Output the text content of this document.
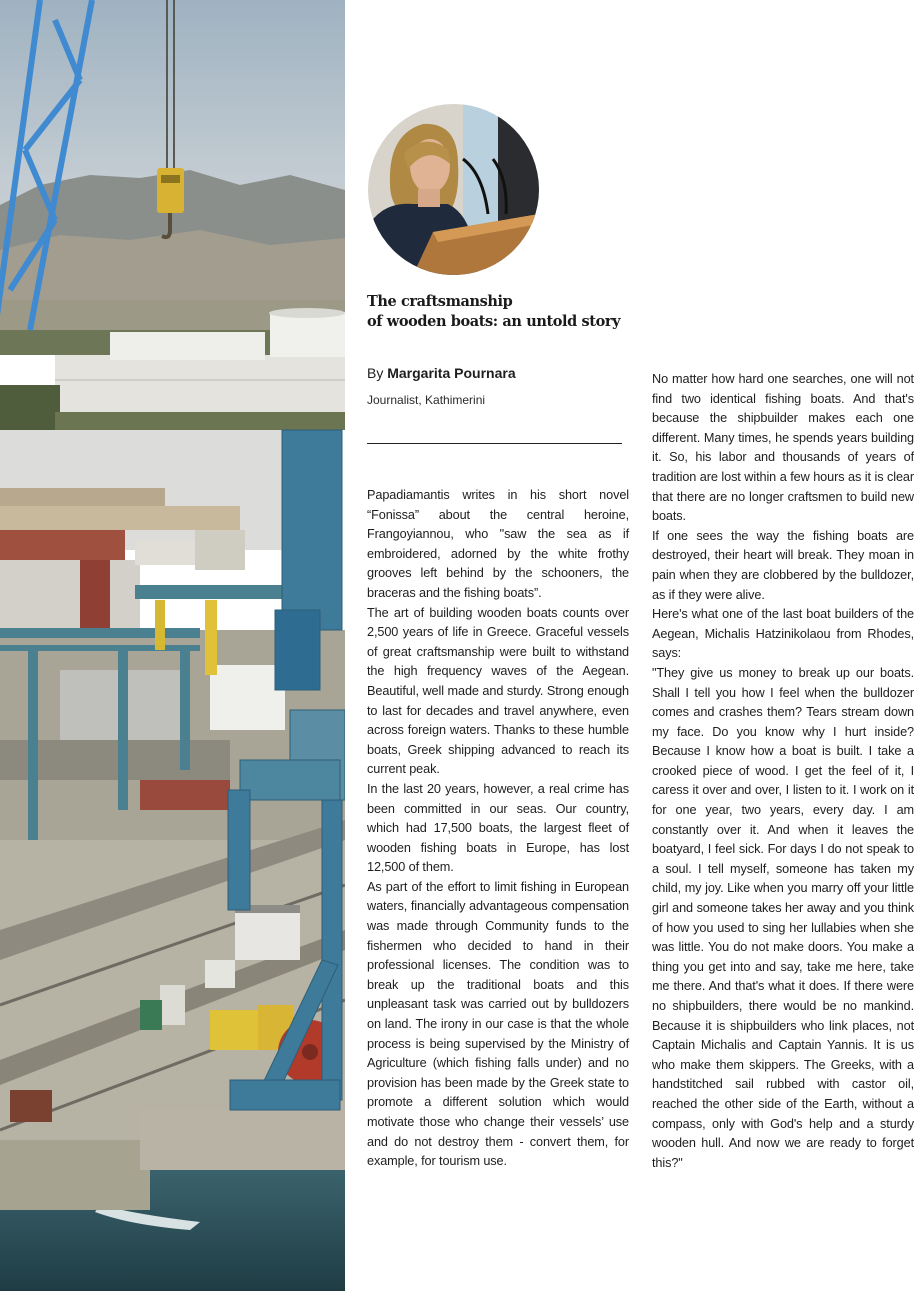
The craftsmanship
of wooden boats: an untold story
By Margarita Pournara
Journalist, Kathimerini

Papadiamantis writes in his short novel “Fonissa” about the central heroine, Frangoyiannou, who "saw the sea as if embroidered, adorned by the white frothy grooves left behind by the schooners, the braceras and the fishing boats”.

The art of building wooden boats counts over 2,500 years of life in Greece. Graceful vessels of great craftsmanship were built to withstand the high frequency waves of the Aegean. Beautiful, well made and sturdy. Strong enough to last for decades and travel anywhere, even across foreign waters. Thanks to these humble boats, Greek shipping advanced to reach its current peak.

In the last 20 years, however, a real crime has been committed in our seas. Our country, which had 17,500 boats, the largest fleet of wooden fishing boats in Europe, has lost 12,500 of them.

As part of the effort to limit fishing in European waters, financially advantageous compensation was made through Community funds to the fishermen who decided to hand in their professional licenses. The condition was to break up the traditional boats and this unpleasant task was carried out by bulldozers on land. The irony in our case is that the whole process is being supervised by the Ministry of Agriculture (which fishing falls under) and no provision has been made by the Greek state to promote a different solution which would motivate those who change their vessels’ use and do not destroy them - convert them, for example, for tourism use.

No matter how hard one searches, one will not find two identical fishing boats. And that's because the shipbuilder makes each one different. Many times, he spends years building it. So, his labor and thousands of years of tradition are lost within a few hours as it is clear that there are no longer craftsmen to build new boats.

If one sees the way the fishing boats are destroyed, their heart will break. They moan in pain when they are clobbered by the bulldozer, as if they were alive.

Here's what one of the last boat builders of the Aegean, Michalis Hatzinikolaou from Rhodes, says:

"They give us money to break up our boats. Shall I tell you how I feel when the bulldozer comes and crashes them? Tears stream down my face. Do you know why I hurt inside? Because I know how a boat is built. I take a crooked piece of wood. I get the feel of it, I caress it over and over, I listen to it. I work on it for one year, two years, every day. I am constantly over it. And when it leaves the boatyard, I feel sick. For days I do not speak to a soul. I tell myself, someone has taken my child, my joy. Like when you marry off your little girl and someone takes her away and you think of how you used to sing her lullabies when she was little. You do not make doors. You make a thing you get into and say, take me here, take me there. And that's what it does. If there were no shipbuilders, there would be no mankind. Because it is shipbuilders who link places, not Captain Michalis and Captain Yannis. It is us who make them skippers. The Greeks, with a handstitched sail rubbed with castor oil, reached the other side of the Earth, without a compass, only with God's help and a sturdy wooden hull. And now we are ready to forget this?"
